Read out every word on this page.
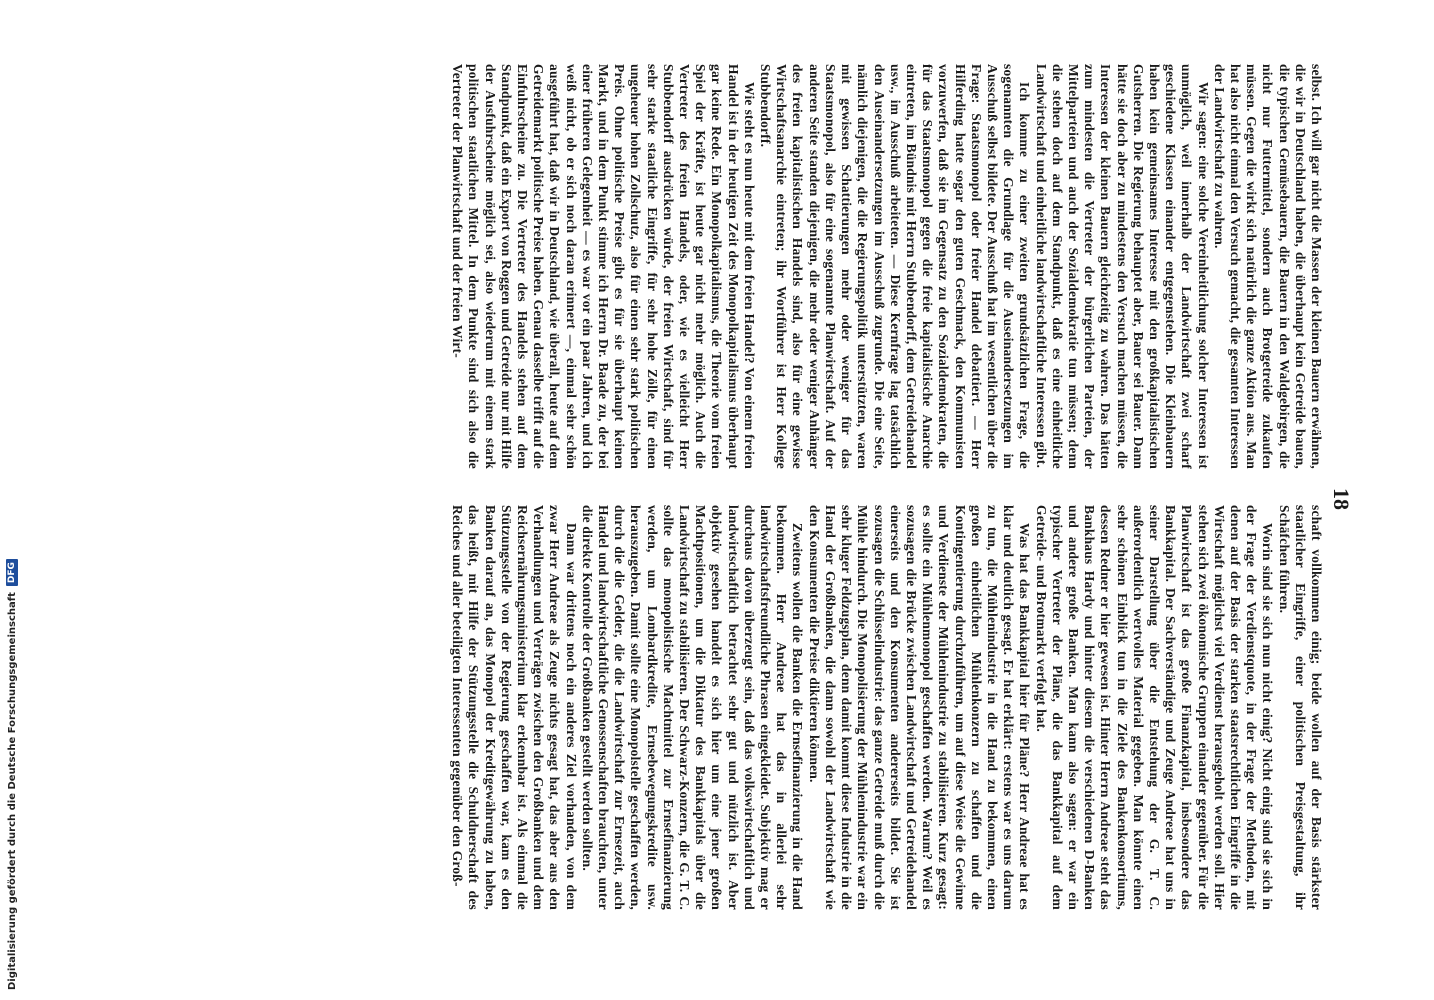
18

selbst. Ich will gar nicht die Massen der kleinen Bauern erwähnen, die wir in Deutschland haben, die überhaupt kein Getreide bauen, die typischen Gemüsebauern, die Bauern in den Waldgebirgen, die nicht nur Futtermittel, sondern auch Brotgetreide zukaufen müssen. Gegen die wirkt sich natürlich die ganze Aktion aus. Man hat also nicht einmal den Versuch gemacht, die gesamten Interessen der Landwirtschaft zu wahren.

Wir sagen: eine solche Vereinheitlichung solcher Interessen ist unmöglich, weil innerhalb der Landwirtschaft zwei scharf geschiedene Klassen einander entgegenstehen. Die Kleinbauern haben kein gemeinsames Interesse mit den großkapitalistischen Gutsherren. Die Regierung behauptet aber, Bauer sei Bauer. Dann hätte sie doch aber zu mindestens den Versuch machen müssen, die Interessen der kleinen Bauern gleichzeitig zu wahren. Das hätten zum mindesten die Vertreter der bürgerlichen Parteien, der Mittelparteien und auch der Sozialdemokratie tun müssen; denn die stehen doch auf dem Standpunkt, daß es eine einheitliche Landwirtschaft und einheitliche landwirtschaftliche Interessen gibt.

Ich komme zu einer zweiten grundsätzlichen Frage, die sogenannten die Grundlage für die Auseinandersetzungen im Ausschuß selbst bildete. Der Ausschuß hat im wesentlichen über die Frage: Staatsmonopol oder freier Handel debattiert. — Herr Hilferding hatte sogar den guten Geschmack, den Kommunisten vorzuwerfen, daß sie im Gegensatz zu den Sozialdemokraten, die für das Staatsmonopol gegen die freie kapitalistische Anarchie eintreten, im Bündnis mit Herrn Stubbendorff, dem Getreidehandel usw., im Ausschuß arbeiteten. — Diese Kernfrage lag tatsächlich den Auseinandersetzungen im Ausschuß zugrunde. Die eine Seite, nämlich diejenigen, die die Regierungspolitik unterstützten, waren mit gewissen Schattierungen mehr oder weniger für das Staatsmonopol, also für eine sogenannte Planwirtschaft. Auf der anderen Seite standen diejenigen, die mehr oder weniger Anhänger des freien kapitalistischen Handels sind, also für eine gewisse Wirtschaftsanarchie eintreten; ihr Wortführer ist Herr Kollege Stubbendorff.

Wie steht es nun heute mit dem freien Handel? Von einem freien Handel ist in der heutigen Zeit des Monopolkapitalismus überhaupt gar keine Rede. Ein Monopolkapitalismus, die Theorie vom freien Spiel der Kräfte, ist heute gar nicht mehr möglich. Auch die Vertreter des freien Handels, oder, wie es vielleicht Herr Stubbendorff ausdrücken würde, der freien Wirtschaft, sind für sehr starke staatliche Eingriffe, für sehr hohe Zölle, für einen ungeheuer hohen Zollschutz, also für einen sehr stark politischen Preis. Ohne politische Preise gibt es für sie überhaupt keinen Markt, und in dem Punkt stimme ich Herrn Dr. Baade zu, der bei einer früheren Gelegenheit — es war vor ein paar Jahren, und ich weiß nicht, ob er sich noch daran erinnert —, einmal sehr schön ausgeführt hat, daß wir in Deutschland, wie überall, heute auf dem Getreidemarkt politische Preise haben. Genau dasselbe trifft auf die Einfuhrscheine zu. Die Vertreter des Handels stehen auf dem Standpunkt, daß ein Export von Roggen und Getreide nur mit Hilfe der Ausfuhrscheine möglich sei, also wiederum mit einem stark politischen staatlichen Mittel. In dem Punkte sind sich also die Vertreter der Planwirtschaft und der freien Wirt-

schaft vollkommen einig; beide wollen auf der Basis stärkster staatlicher Eingriffe, einer politischen Preisgestaltung, ihr Schäfchen führen.

Worin sind sie sich nun nicht einig? Nicht einig sind sie sich in der Frage der Verdienstquote, in der Frage der Methoden, mit denen auf der Basis der starken staatsrechtlichen Eingriffe in die Wirtschaft möglichst viel Verdienst herausgeholt werden soll. Hier stehen sich zwei ökonomische Gruppen einander gegenüber. Für die Planwirtschaft ist das große Finanzkapital, insbesondere das Bankkapital. Der Sachverständige und Zeuge Andreae hat uns in seiner Darstellung über die Entstehung der G. T. C. außerordentlich wertvolles Material gegeben. Man könnte einen sehr schönen Einblick tun in die Ziele des Bankenkonsortiums, dessen Redner er hier gewesen ist. Hinter Herrn Andreae steht das Bankhaus Hardy und hinter diesem die verschiedenen D-Banken und andere große Banken. Man kann also sagen: er war ein typischer Vertreter der Pläne, die das Bankkapital auf dem Getreide- und Brotmarkt verfolgt hat.

Was hat das Bankkapital hier für Pläne? Herr Andreae hat es klar und deutlich gesagt. Er hat erklärt: erstens war es uns darum zu tun, die Mühlenindustrie in die Hand zu bekommen, einen großen einheitlichen Mühlenkonzern zu schaffen und die Kontingentierung durchzuführen, um auf diese Weise die Gewinne und Verdienste der Mühlenindustrie zu stabilisieren. Kurz gesagt: es sollte ein Mühlenmonopol geschaffen werden. Warum? Weil es sozusagen die Brücke zwischen Landwirtschaft und Getreidehandel einerseits und den Konsumenten andererseits bildet. Sie ist sozusagen die Schlüsselindustrie: das ganze Getreide muß durch die Mühle hindurch. Die Monopolisierung der Mühlenindustrie war ein sehr kluger Feldzugsplan, denn damit kommt diese Industrie in die Hand der Großbanken, die dann sowohl der Landwirtschaft wie den Konsumenten die Preise diktieren können.

Zweitens wollen die Banken die Ernsefinanzierung in die Hand bekommen. Herr Andreae hat das in allerlei sehr landwirtschaftsfreundliche Phrasen eingekleidet. Subjektiv mag er durchaus davon überzeugt sein, daß das volkswirtschaftlich und landwirtschaftlich betrachtet sehr gut und nützlich ist. Aber objektiv gesehen handelt es sich hier um eine jener großen Machtpositionen, um die Diktatur des Bankkapitals über die Landwirtschaft zu stabilisieren. Der Schwarz-Konzern, die G. T. C. sollte das monopolistische Machtmittel zur Ernsefinanzierung werden, um Lombardkredite, Ernsebewegungskredite usw. herauszugeben. Damit sollte eine Monopolstelle geschaffen werden, durch die die Gelder, die die Landwirtschaft zur Ernsezeit, auch Handel und landwirtschaftliche Genossenschaften brauchten, unter die direkte Kontrolle der Großbanken gestellt werden sollten.

Dann war drittens noch ein anderes Ziel vorhanden, von dem zwar Herr Andreae als Zeuge nichts gesagt hat, das aber aus den Verhandlungen und Verträgen zwischen den Großbanken und dem Reichsernährungsministerium klar erkennbar ist. Als einmal die Stützungsstelle von der Regierung geschaffen war, kam es den Banken darauf an, das Monopol der Kreditgewährung zu haben, das heißt, mit Hilfe der Stützungsstelle die Schuldnerschaft des Reiches und aller beteiligten Interessenten gegenüber den Groß-

Digitalisierung gefördert durch die Deutsche Forschungsgemeinschaft
DFG
